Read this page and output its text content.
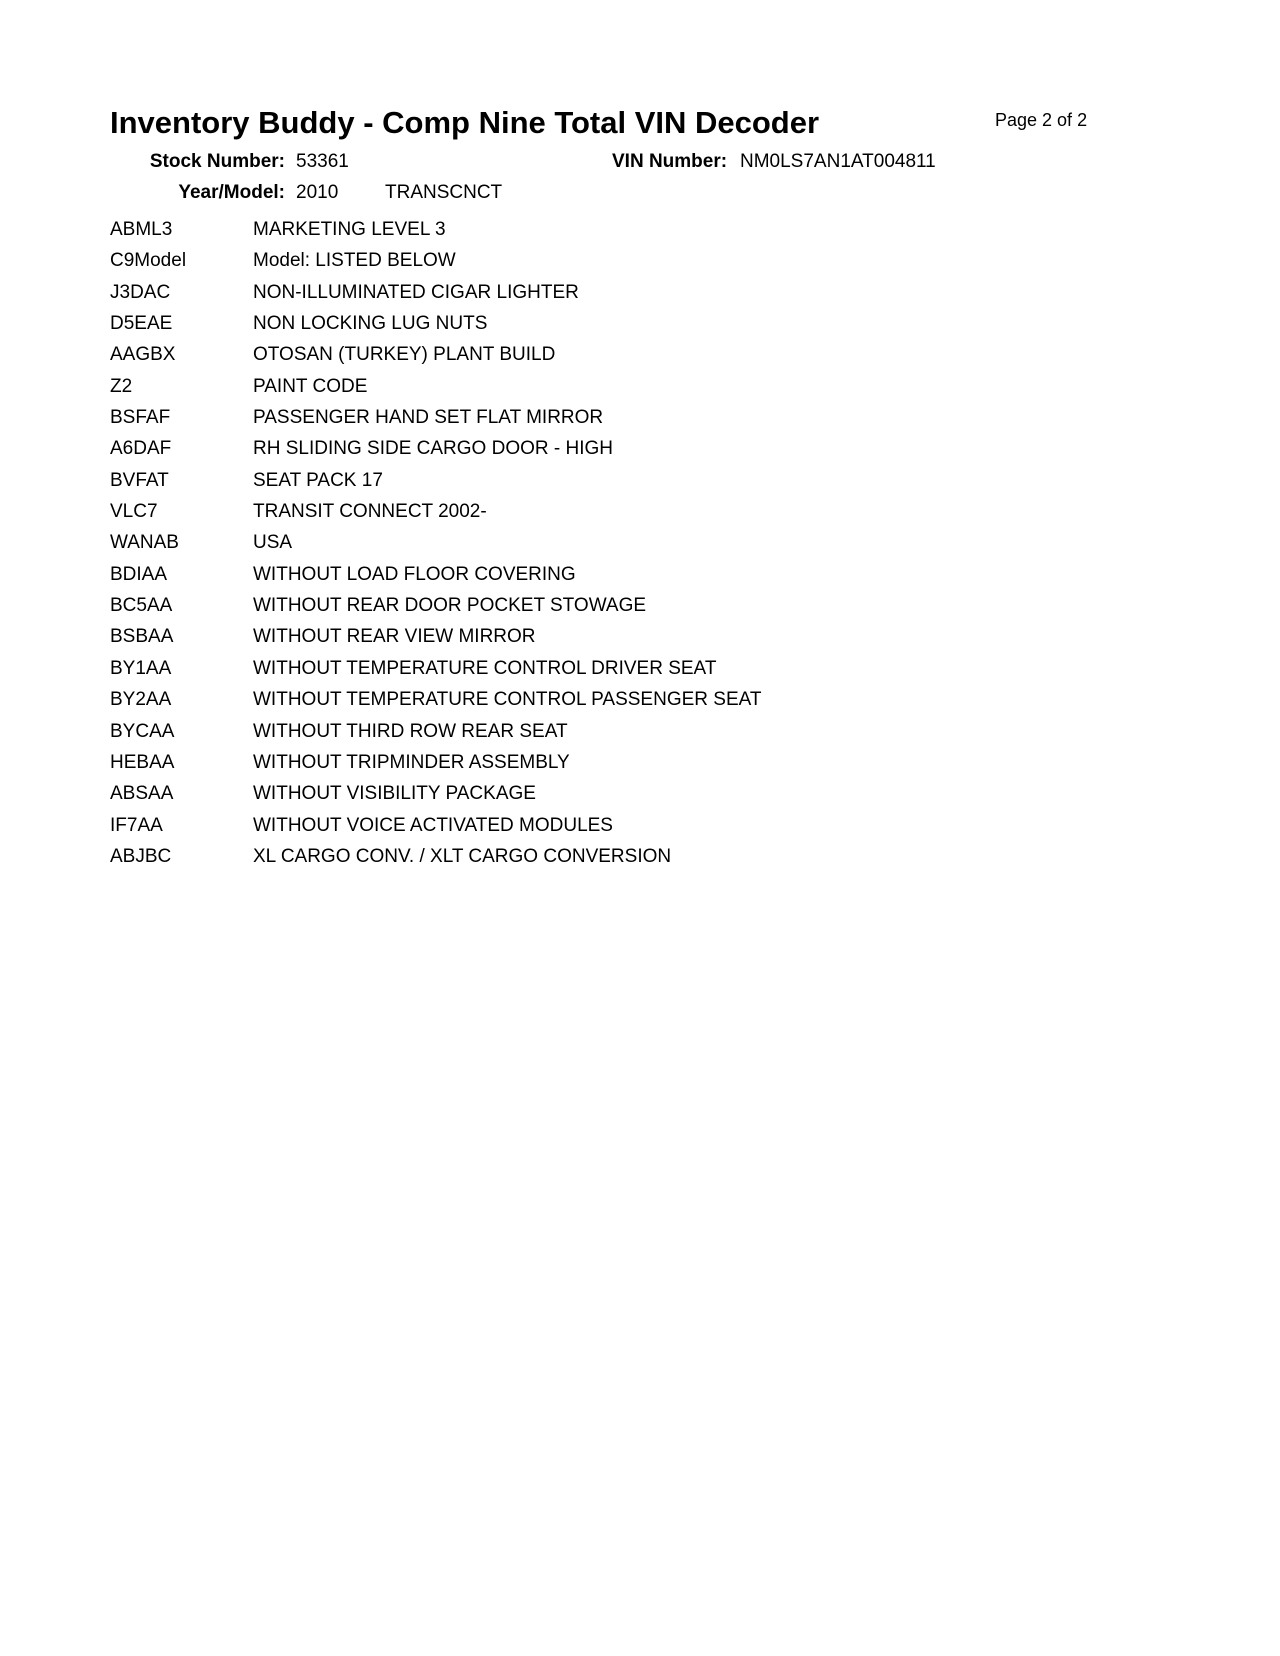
Inventory Buddy - Comp Nine Total VIN Decoder	Page 2 of 2
Stock Number: 53361	VIN Number: NM0LS7AN1AT004811
Year/Model: 2010 TRANSCNCT
ABML3	MARKETING LEVEL 3
C9Model	Model: LISTED BELOW
J3DAC	NON-ILLUMINATED CIGAR LIGHTER
D5EAE	NON LOCKING LUG NUTS
AAGBX	OTOSAN (TURKEY) PLANT BUILD
Z2	PAINT CODE
BSFAF	PASSENGER HAND SET FLAT MIRROR
A6DAF	RH SLIDING SIDE CARGO DOOR - HIGH
BVFAT	SEAT PACK 17
VLC7	TRANSIT CONNECT 2002-
WANAB	USA
BDIAA	WITHOUT LOAD FLOOR COVERING
BC5AA	WITHOUT REAR DOOR POCKET STOWAGE
BSBAA	WITHOUT REAR VIEW MIRROR
BY1AA	WITHOUT TEMPERATURE CONTROL DRIVER SEAT
BY2AA	WITHOUT TEMPERATURE CONTROL PASSENGER SEAT
BYCAA	WITHOUT THIRD ROW REAR SEAT
HEBAA	WITHOUT TRIPMINDER ASSEMBLY
ABSAA	WITHOUT VISIBILITY PACKAGE
IF7AA	WITHOUT VOICE ACTIVATED MODULES
ABJBC	XL CARGO CONV. / XLT CARGO CONVERSION
